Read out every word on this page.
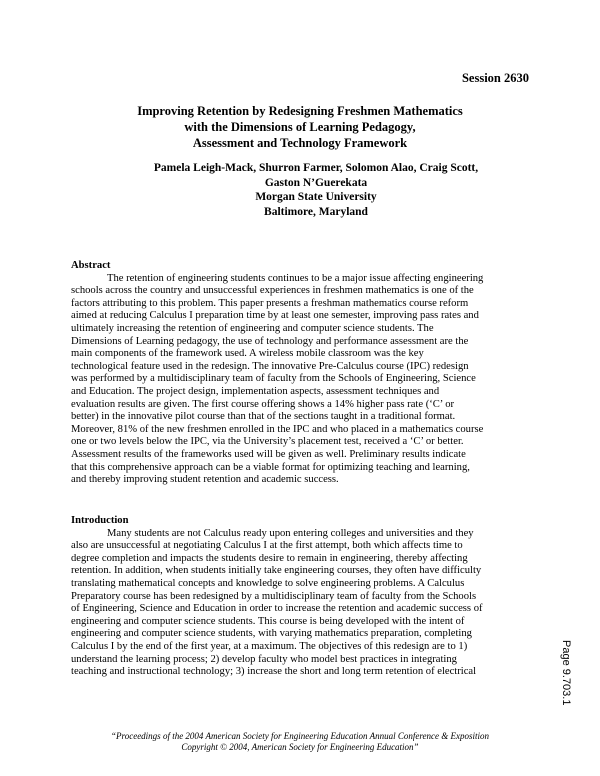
Session 2630
Improving Retention by Redesigning Freshmen Mathematics
with the Dimensions of Learning Pedagogy,
Assessment and Technology Framework
Pamela Leigh-Mack, Shurron Farmer, Solomon Alao, Craig Scott,
Gaston N’Guerekata
Morgan State University
Baltimore, Maryland
Abstract
The retention of engineering students continues to be a major issue affecting engineering
schools across the country and unsuccessful experiences in freshmen mathematics is one of the
factors attributing to this problem. This paper presents a freshman mathematics course reform
aimed at reducing Calculus I preparation time by at least one semester, improving pass rates and
ultimately increasing the retention of engineering and computer science students. The
Dimensions of Learning pedagogy, the use of technology and performance assessment are the
main components of the framework used. A wireless mobile classroom was the key
technological feature used in the redesign. The innovative Pre-Calculus course (IPC) redesign
was performed by a multidisciplinary team of faculty from the Schools of Engineering, Science
and Education. The project design, implementation aspects, assessment techniques and
evaluation results are given. The first course offering shows a 14% higher pass rate (‘C’ or
better) in the innovative pilot course than that of the sections taught in a traditional format.
Moreover, 81% of the new freshmen enrolled in the IPC and who placed in a mathematics course
one or two levels below the IPC, via the University’s placement test, received a ‘C’ or better.
Assessment results of the frameworks used will be given as well. Preliminary results indicate
that this comprehensive approach can be a viable format for optimizing teaching and learning,
and thereby improving student retention and academic success.
Introduction
Many students are not Calculus ready upon entering colleges and universities and they
also are unsuccessful at negotiating Calculus I at the first attempt, both which affects time to
degree completion and impacts the students desire to remain in engineering, thereby affecting
retention. In addition, when students initially take engineering courses, they often have difficulty
translating mathematical concepts and knowledge to solve engineering problems. A Calculus
Preparatory course has been redesigned by a multidisciplinary team of faculty from the Schools
of Engineering, Science and Education in order to increase the retention and academic success of
engineering and computer science students. This course is being developed with the intent of
engineering and computer science students, with varying mathematics preparation, completing
Calculus I by the end of the first year, at a maximum. The objectives of this redesign are to 1)
understand the learning process; 2) develop faculty who model best practices in integrating
teaching and instructional technology; 3) increase the short and long term retention of electrical	Page 9.703.1
“Proceedings of the 2004 American Society for Engineering Education Annual Conference & Exposition
Copyright © 2004, American Society for Engineering Education”
